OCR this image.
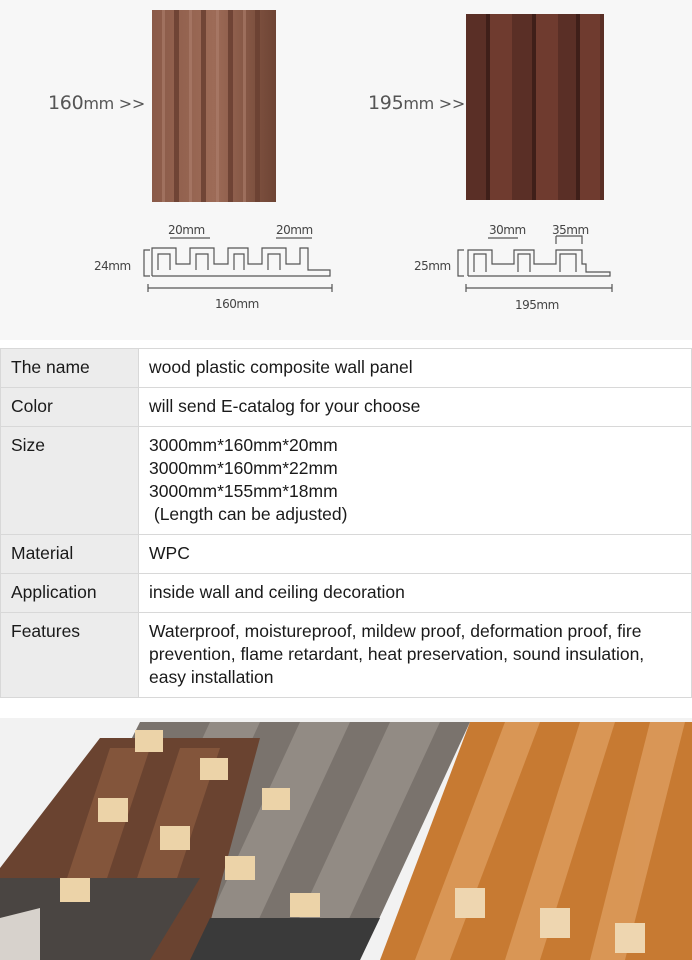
160mm >>	195mm >>
20mm	20mm
24mm
160mm
30mm 35mm
25mm
195mm
The name	wood plastic composite wall panel
Color	will send E-catalog for your choose
Size	3000mm*160mm*20mm
3000mm*160mm*22mm
3000mm*155mm*18mm
(Length can be adjusted)

Material	WPC
Application	inside wall and ceiling decoration
Features	Waterproof, moistureproof, mildew proof, deformation proof, fire
prevention, flame retardant, heat preservation, sound insulation,
easy installation
